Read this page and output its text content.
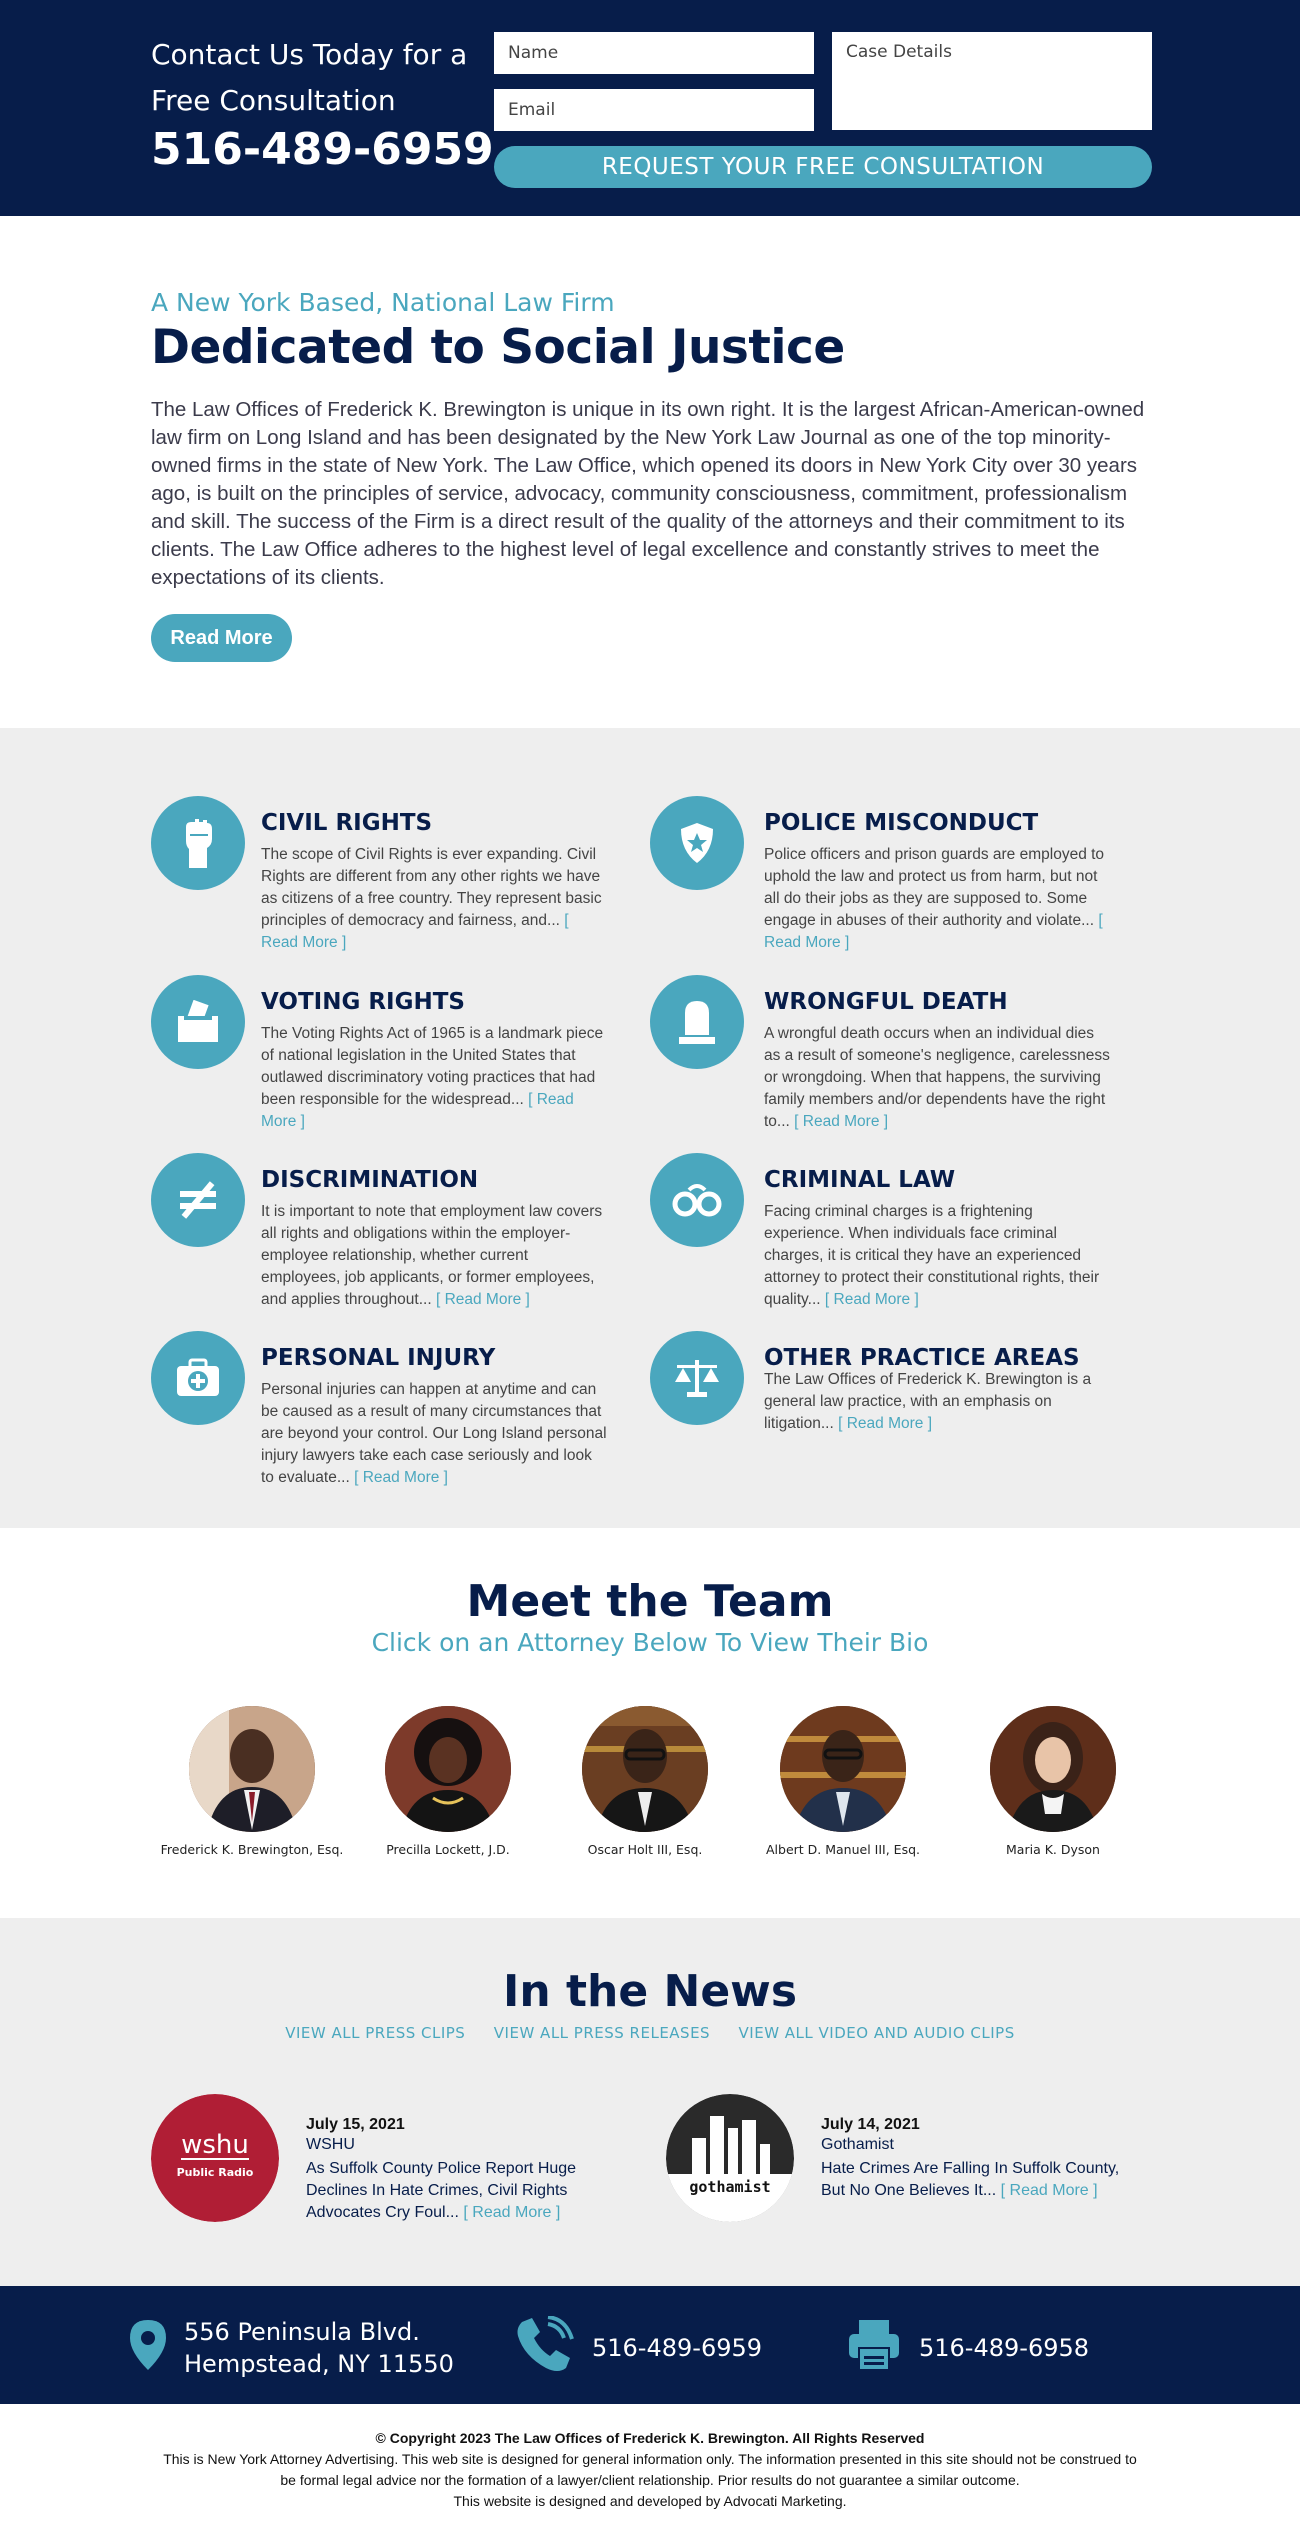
Contact Us Today for a Free Consultation
516-489-6959
Name
Email
Case Details	REQUEST YOUR FREE CONSULTATION
A New York Based, National Law Firm
Dedicated to Social Justice

The Law Offices of Frederick K. Brewington is unique in its own right. It is the largest African-American-owned law firm on Long Island and has been designated by the New York Law Journal as one of the top minority-owned firms in the state of New York. The Law Office, which opened its doors in New York City over 30 years ago, is built on the principles of service, advocacy, community consciousness, commitment, professionalism and skill. The success of the Firm is a direct result of the quality of the attorneys and their commitment to its clients. The Law Office adheres to the highest level of legal excellence and constantly strives to meet the expectations of its clients.

Read More
CIVIL RIGHTS

The scope of Civil Rights is ever expanding. Civil Rights are different from any other rights we have as citizens of a free country. They represent basic principles of democracy and fairness, and... [ Read More ]

POLICE MISCONDUCT

Police officers and prison guards are employed to uphold the law and protect us from harm, but not all do their jobs as they are supposed to. Some engage in abuses of their authority and violate... [ Read More ]

VOTING RIGHTS

The Voting Rights Act of 1965 is a landmark piece of national legislation in the United States that outlawed discriminatory voting practices that had been responsible for the widespread... [ Read More ]

WRONGFUL DEATH

A wrongful death occurs when an individual dies as a result of someone's negligence, carelessness or wrongdoing. When that happens, the surviving family members and/or dependents have the right to... [ Read More ]

DISCRIMINATION

It is important to note that employment law covers all rights and obligations within the employer-employee relationship, whether current employees, job applicants, or former employees, and applies throughout... [ Read More ]

CRIMINAL LAW

Facing criminal charges is a frightening experience. When individuals face criminal charges, it is critical they have an experienced attorney to protect their constitutional rights, their quality... [ Read More ]

PERSONAL INJURY

Personal injuries can happen at anytime and can be caused as a result of many circumstances that are beyond your control. Our Long Island personal injury lawyers take each case seriously and look to evaluate... [ Read More ]

OTHER PRACTICE AREAS

The Law Offices of Frederick K. Brewington is a general law practice, with an emphasis on litigation... [ Read More ]

Meet the Team
Click on an Attorney Below To View Their Bio
Frederick K. Brewington, Esq.	Precilla Lockett, J.D.	Oscar Holt III, Esq.	Albert D. Manuel III, Esq.	Maria K. Dyson
In the News
VIEW ALL PRESS CLIPS VIEW ALL PRESS RELEASES VIEW ALL VIDEO AND AUDIO CLIPS
wshu
Public Radio
July 15, 2021
WSHU
As Suffolk County Police Report Huge Declines In Hate Crimes, Civil Rights Advocates Cry Foul... [ Read More ]
gothamist
July 14, 2021
Gothamist
Hate Crimes Are Falling In Suffolk County, But No One Believes It... [ Read More ]
556 Peninsula Blvd.
Hempstead, NY 11550
516-489-6959	516-489-6958
© Copyright 2023 The Law Offices of Frederick K. Brewington. All Rights Reserved
This is New York Attorney Advertising. This web site is designed for general information only. The information presented in this site should not be construed to be formal legal advice nor the formation of a lawyer/client relationship. Prior results do not guarantee a similar outcome.
This website is designed and developed by Advocati Marketing.
